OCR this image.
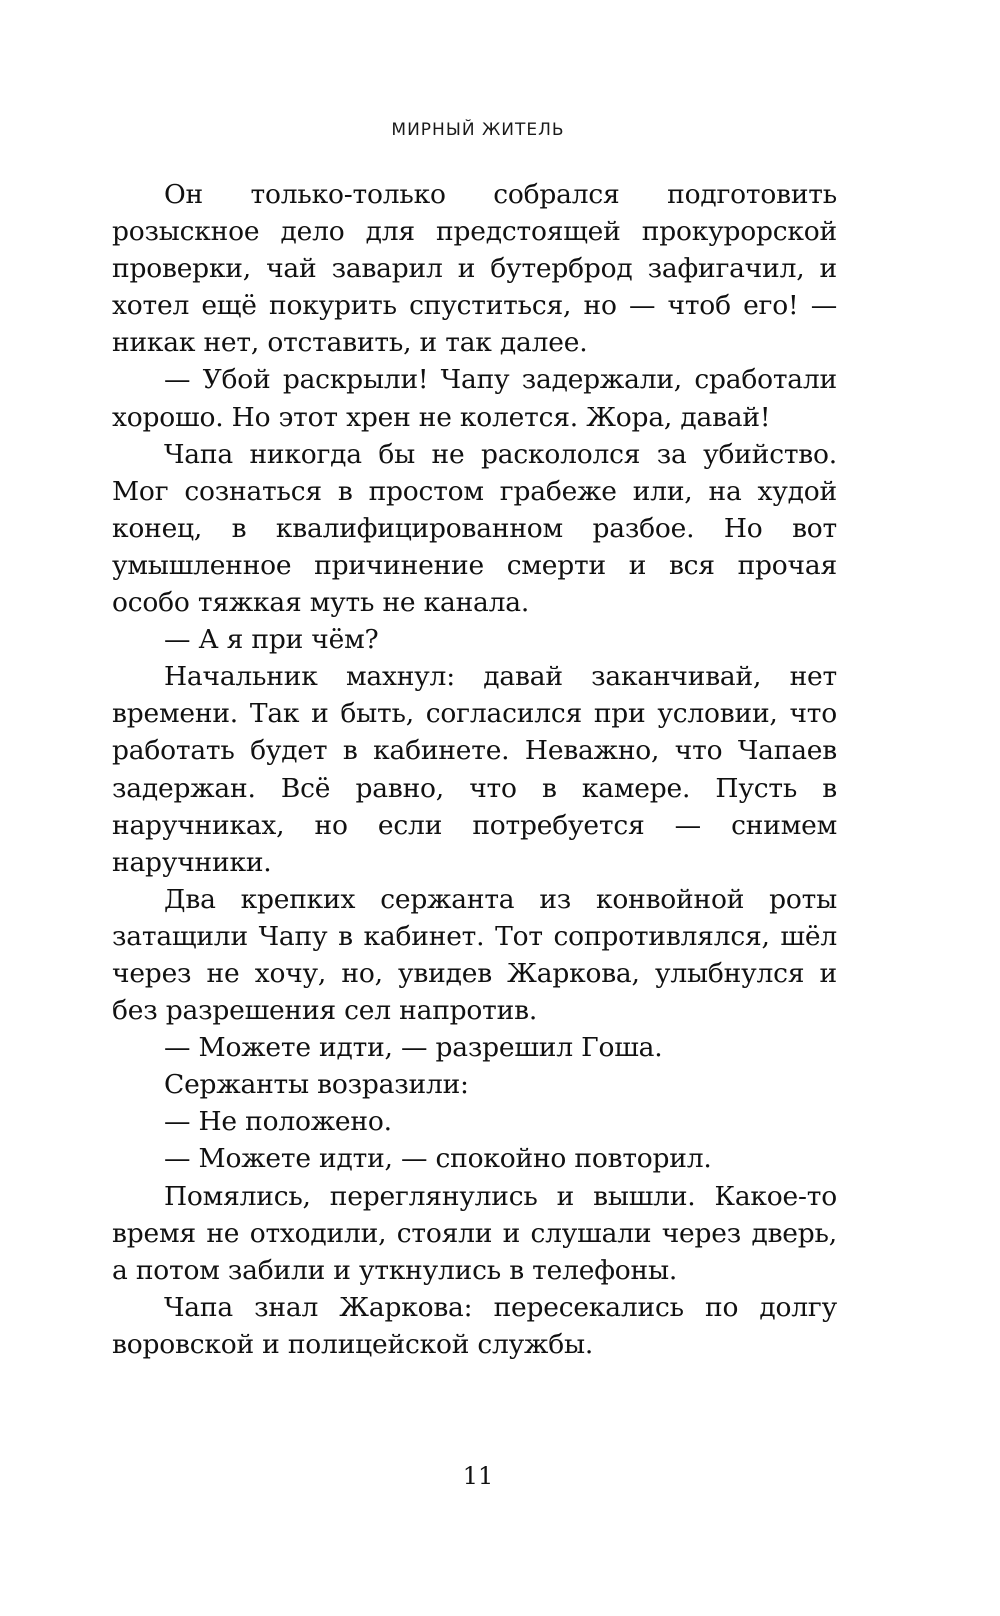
МИРНЫЙ ЖИТЕЛЬ

Он только-только собрался подготовить розыскное дело для предстоящей прокурорской проверки, чай заварил и бутерброд зафигачил, и хотел ещё покурить спуститься, но — чтоб его! — никак нет, отставить, и так далее.

— Убой раскрыли! Чапу задержали, сработали хорошо. Но этот хрен не колется. Жора, давай!

Чапа никогда бы не раскололся за убийство. Мог сознаться в простом грабеже или, на худой конец, в квалифицированном разбое. Но вот умышленное причинение смерти и вся прочая особо тяжкая муть не канала.

— А я при чём?

Начальник махнул: давай заканчивай, нет времени. Так и быть, согласился при условии, что работать будет в кабинете. Неважно, что Чапаев задержан. Всё равно, что в камере. Пусть в наручниках, но если потребуется — снимем наручники.

Два крепких сержанта из конвойной роты затащили Чапу в кабинет. Тот сопротивлялся, шёл через не хочу, но, увидев Жаркова, улыбнулся и без разрешения сел напротив.

— Можете идти, — разрешил Гоша.

Сержанты возразили:

— Не положено.

— Можете идти, — спокойно повторил.

Помялись, переглянулись и вышли. Какое-то время не отходили, стояли и слушали через дверь, а потом забили и уткнулись в телефоны.

Чапа знал Жаркова: пересекались по долгу воровской и полицейской службы.

11
